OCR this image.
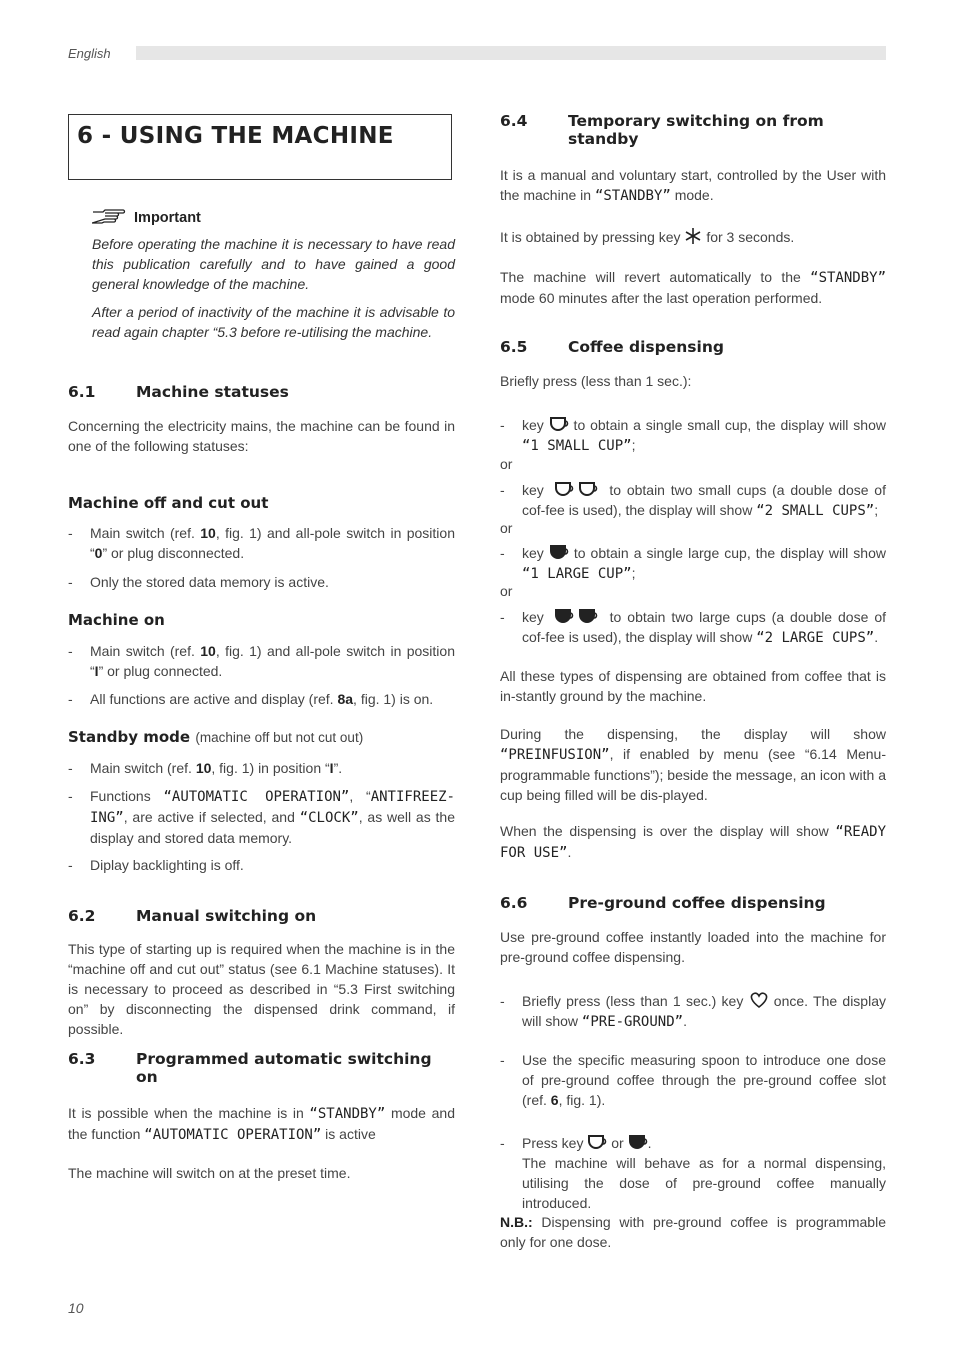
English
6 - USING THE MACHINE
Important
Before operating the machine it is necessary to have read this publication carefully and to have gained a good general knowledge of the machine.
After a period of inactivity of the machine it is advisable to read again chapter “5.3 before re-utilising the machine.
6.1	Machine statuses
Concerning the electricity mains, the machine can be found in one of the following statuses:
Machine off and cut out
- Main switch (ref. 10, fig. 1) and all-pole switch in position “0” or plug disconnected.
- Only the stored data memory is active.
Machine on
- Main switch (ref. 10, fig. 1) and all-pole switch in position “I” or plug connected.
- All functions are active and display (ref. 8a, fig. 1) is on.
Standby mode (machine off but not cut out)
- Main switch (ref. 10, fig. 1) in position “I”.
- Functions “AUTOMATIC OPERATION”, “ANTIFREEZ-ING”, are active if selected, and “CLOCK”, as well as the display and stored data memory.
- Diplay backlighting is off.
6.2	Manual switching on
This type of starting up is required when the machine is in the “machine off and cut out” status (see 6.1 Machine statuses). It is necessary to proceed as described in “5.3 First switching on” by disconnecting the dispensed drink command, if possible.
6.3	Programmed automatic switching on
It is possible when the machine is in “STANDBY” mode and the function “AUTOMATIC OPERATION” is active
The machine will switch on at the preset time.
6.4	Temporary switching on from standby
It is a manual and voluntary start, controlled by the User with the machine in “STANDBY” mode.
It is obtained by pressing key  for 3 seconds.
The machine will revert automatically to the “STANDBY” mode 60 minutes after the last operation performed.
6.5	Coffee dispensing
Briefly press (less than 1 sec.):
- key  to obtain a single small cup, the display will show “1 SMALL CUP”;
or
- key	to obtain two small cups (a double dose of cof-fee is used), the display will show “2 SMALL CUPS”;
or
- key  to obtain a single large cup, the display will show “1 LARGE CUP”;
or
- key	to obtain two large cups (a double dose of cof-fee is used), the display will show “2 LARGE CUPS”.
All these types of dispensing are obtained from coffee that is in-stantly ground by the machine.
During the dispensing, the display will show “PREINFUSION”, if enabled by menu (see “6.14 Menu-programmable functions”); beside the message, an icon with a cup being filled will be dis-played.
When the dispensing is over the display will show “READY FOR USE”.
6.6	Pre-ground coffee dispensing
Use pre-ground coffee instantly loaded into the machine for pre-ground coffee dispensing.
- Briefly press (less than 1 sec.) key  once. The display will show “PRE-GROUND”.
- Use the specific measuring spoon to introduce one dose of pre-ground coffee through the pre-ground coffee slot (ref. 6, fig. 1).
- Press key  or .
The machine will behave as for a normal dispensing, utilising the dose of pre-ground coffee manually introduced.
N.B.: Dispensing with pre-ground coffee is programmable only for one dose.
10
